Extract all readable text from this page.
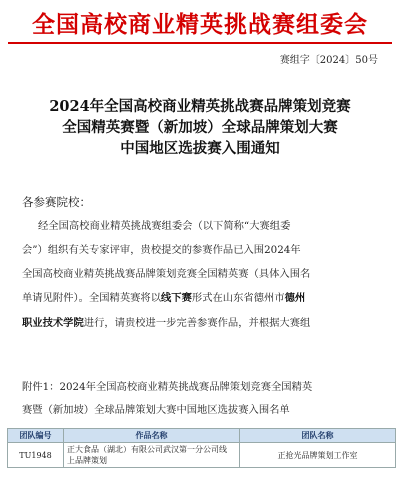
全国高校商业精英挑战赛组委会
赛组字〔2024〕50号
2024年全国高校商业精英挑战赛品牌策划竞赛
全国精英赛暨（新加坡）全球品牌策划大赛
中国地区选拔赛入围通知
各参赛院校：
经全国高校商业精英挑战赛组委会（以下简称“大赛组委
会”）组织有关专家评审，贵校提交的参赛作品已入围2024年
全国高校商业精英挑战赛品牌策划竞赛全国精英赛（具体入围名
单请见附件）。全国精英赛将以线下赛形式在山东省德州市德州
职业技术学院进行，请贵校进一步完善参赛作品，并根据大赛组
附件1：2024年全国高校商业精英挑战赛品牌策划竞赛全国精英
赛暨（新加坡）全球品牌策划大赛中国地区选拔赛入围名单
团队编号	作品名称	团队名称
TU1948	正大食品（湖北）有限公司武汉第一分公司线
上品牌策划	正抢光品牌策划工作室
